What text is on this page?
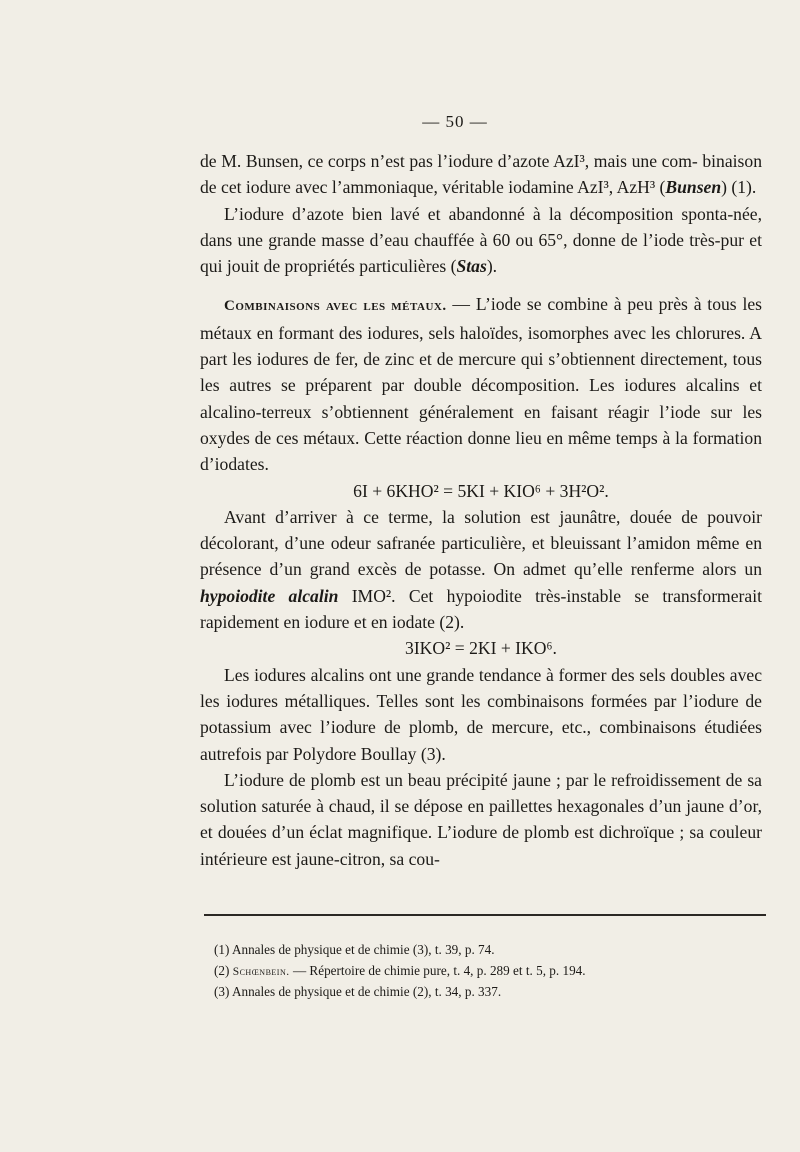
— 50 —

de M. Bunsen, ce corps n’est pas l’iodure d’azote AzI³, mais une com- binaison de cet iodure avec l’ammoniaque, véritable iodamine AzI³, AzH³ (Bunsen) (1).

L’iodure d’azote bien lavé et abandonné à la décomposition sponta-née, dans une grande masse d’eau chauffée à 60 ou 65°, donne de l’iode très-pur et qui jouit de propriétés particulières (Stas).

Combinaisons avec les métaux. — L’iode se combine à peu près à tous les métaux en formant des iodures, sels haloïdes, isomorphes avec les chlorures. A part les iodures de fer, de zinc et de mercure qui s’obtiennent directement, tous les autres se préparent par double décomposition. Les iodures alcalins et alcalino-terreux s’obtiennent généralement en faisant réagir l’iode sur les oxydes de ces métaux. Cette réaction donne lieu en même temps à la formation d’iodates.

6I + 6KHO² = 5KI + KIO⁶ + 3H²O².

Avant d’arriver à ce terme, la solution est jaunâtre, douée de pouvoir décolorant, d’une odeur safranée particulière, et bleuissant l’amidon même en présence d’un grand excès de potasse. On admet qu’elle renferme alors un hypoiodite alcalin IMO². Cet hypoiodite très-instable se transformerait rapidement en iodure et en iodate (2).

3IKO² = 2KI + IKO⁶.

Les iodures alcalins ont une grande tendance à former des sels doubles avec les iodures métalliques. Telles sont les combinaisons formées par l’iodure de potassium avec l’iodure de plomb, de mercure, etc., combinaisons étudiées autrefois par Polydore Boullay (3).

L’iodure de plomb est un beau précipité jaune ; par le refroidissement de sa solution saturée à chaud, il se dépose en paillettes hexagonales d’un jaune d’or, et douées d’un éclat magnifique. L’iodure de plomb est dichroïque ; sa couleur intérieure est jaune-citron, sa cou-

(1) Annales de physique et de chimie (3), t. 39, p. 74.
(2) Schœnbein. — Répertoire de chimie pure, t. 4, p. 289 et t. 5, p. 194.
(3) Annales de physique et de chimie (2), t. 34, p. 337.
